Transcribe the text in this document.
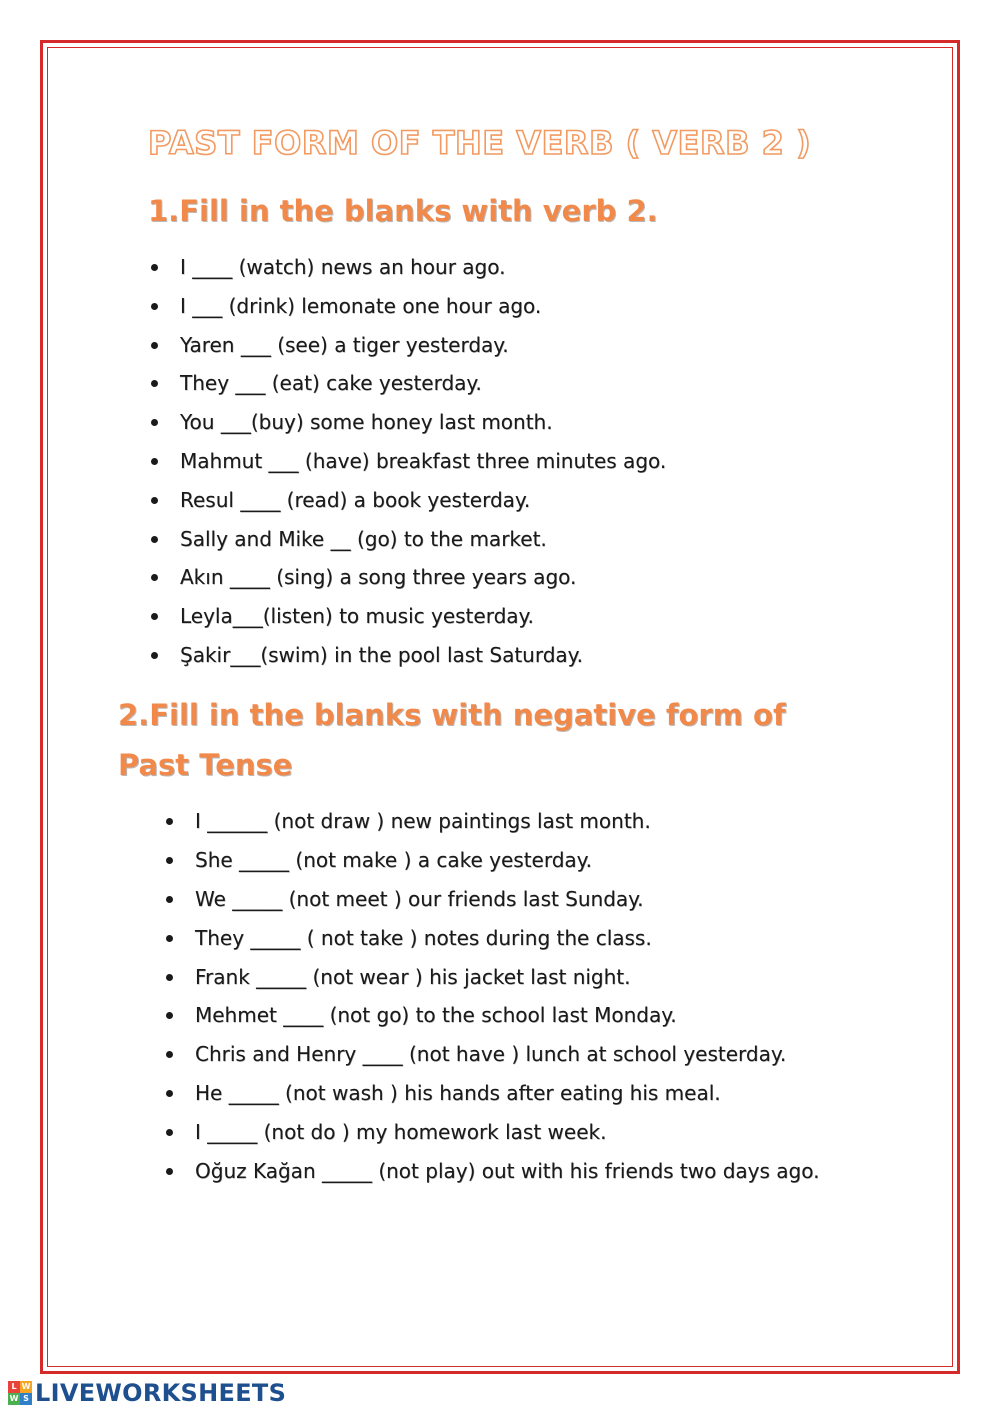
PAST FORM OF THE VERB ( VERB 2 )
1.Fill in the blanks with verb 2.
I ____ (watch) news an hour ago.
I ___ (drink) lemonate one hour ago.
Yaren ___ (see) a tiger yesterday.
They ___ (eat) cake yesterday.
You ___(buy) some honey last month.
Mahmut ___ (have) breakfast three minutes ago.
Resul ____ (read) a book yesterday.
Sally and Mike __ (go) to the market.
Akın ____ (sing) a song three years ago.
Leyla___(listen) to music yesterday.
Şakir___(swim) in the pool last Saturday.
2.Fill in the blanks with negative form of
Past Tense
I ______ (not draw ) new paintings last month.
She _____ (not make ) a cake yesterday.
We _____ (not meet ) our friends last Sunday.
They _____ ( not take ) notes during the class.
Frank _____ (not wear ) his jacket last night.
Mehmet ____ (not go) to the school last Monday.
Chris and Henry ____ (not have ) lunch at school yesterday.
He _____ (not wash ) his hands after eating his meal.
I _____ (not do ) my homework last week.
Oğuz Kağan _____ (not play) out with his friends two days ago.
L W
W S LIVEWORKSHEETS
